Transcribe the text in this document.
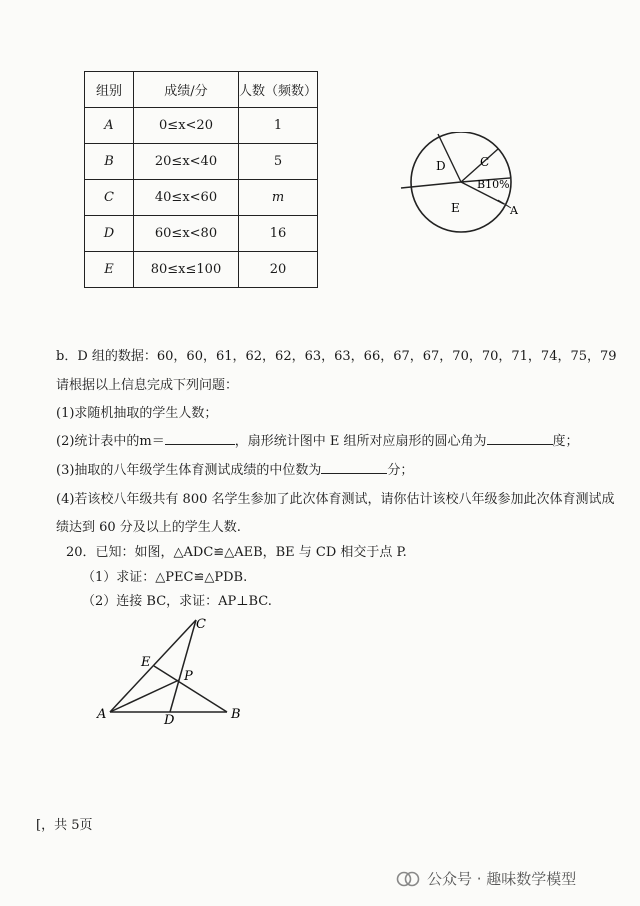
组别	成绩/分	人数（频数）
A	0≤x<20	1
B	20≤x<40	5
C	40≤x<60	m
D	60≤x<80	16
E	80≤x≤100	20
D	C
B10%
E	A
b．D 组的数据：60，60，61，62，62，63，63，66，67，67，70，70，71，74，75，79
请根据以上信息完成下列问题：
(1)求随机抽取的学生人数；
(2)统计表中的m＝	，扇形统计图中 E 组所对应扇形的圆心角为	度；
(3)抽取的八年级学生体育测试成绩的中位数为	分；
(4)若该校八年级共有 800 名学生参加了此次体育测试，请你估计该校八年级参加此次体育测试成
绩达到 60 分及以上的学生人数.
20．已知：如图，△ADC≌△AEB，BE 与 CD 相交于点 P.
（1）求证：△PEC≌△PDB.
（2）连接 BC，求证：AP⊥BC.
C
E
P
A	D	B
[，共 5页
公众号 · 趣味数学模型
